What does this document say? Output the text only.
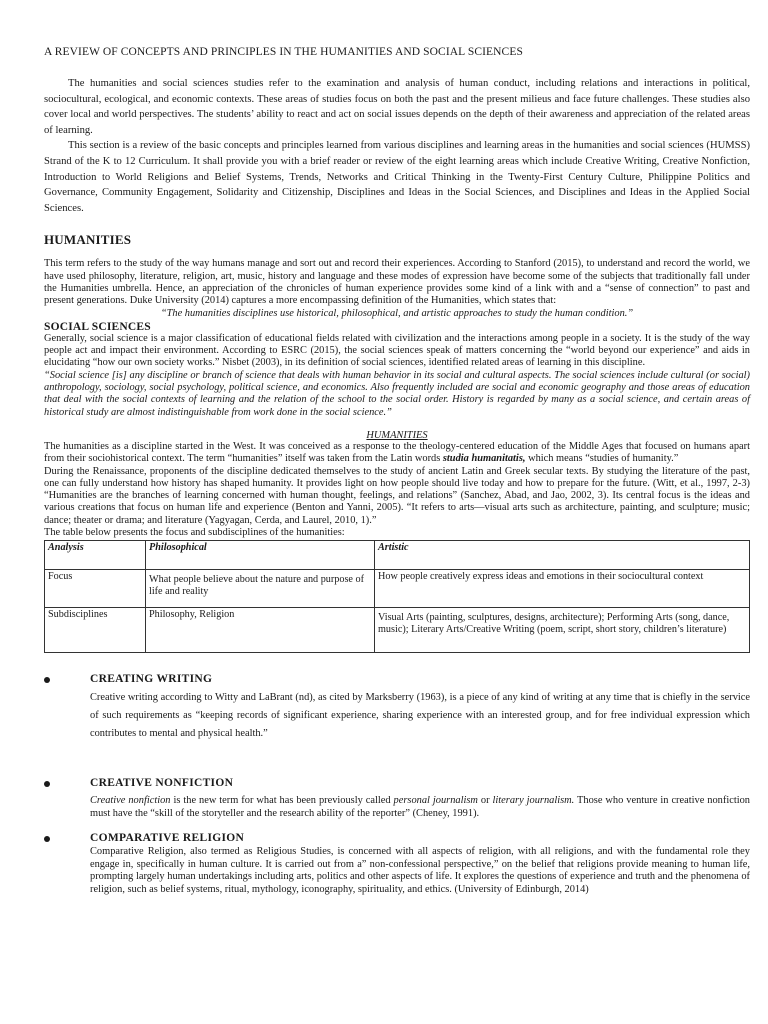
A REVIEW OF CONCEPTS AND PRINCIPLES IN THE HUMANITIES AND SOCIAL SCIENCES

The humanities and social sciences studies refer to the examination and analysis of human conduct, including relations and interactions in political, sociocultural, ecological, and economic contexts. These areas of studies focus on both the past and the present milieus and face future challenges. These studies also cover local and world perspectives. The students’ ability to react and act on social issues depends on the depth of their awareness and appreciation of the related areas of learning.

This section is a review of the basic concepts and principles learned from various disciplines and learning areas in the humanities and social sciences (HUMSS) Strand of the K to 12 Curriculum. It shall provide you with a brief reader or review of the eight learning areas which include Creative Writing, Creative Nonfiction, Introduction to World Religions and Belief Systems, Trends, Networks and Critical Thinking in the Twenty-First Century Culture, Philippine Politics and Governance, Community Engagement, Solidarity and Citizenship, Disciplines and Ideas in the Social Sciences, and Disciplines and Ideas in the Applied Social Sciences.

HUMANITIES

This term refers to the study of the way humans manage and sort out and record their experiences. According to Stanford (2015), to understand and record the world, we have used philosophy, literature, religion, art, music, history and language and these modes of expression have become some of the subjects that traditionally fall under the Humanities umbrella. Hence, an appreciation of the chronicles of human experience provides some kind of a link with and a “sense of connection” to past and present generations. Duke University (2014) captures a more encompassing definition of the Humanities, which states that:

“The humanities disciplines use historical, philosophical, and artistic approaches to study the human condition.”

SOCIAL SCIENCES

Generally, social science is a major classification of educational fields related with civilization and the interactions among people in a society. It is the study of the way people act and impact their environment. According to ESRC (2015), the social sciences speak of matters concerning the “world beyond our experience” and aids in elucidating “how our own society works.” Nisbet (2003), in its definition of social sciences, identified related areas of learning in this discipline.

“Social science [is] any discipline or branch of science that deals with human behavior in its social and cultural aspects. The social sciences include cultural (or social) anthropology, sociology, social psychology, political science, and economics. Also frequently included are social and economic geography and those areas of education that deal with the social contexts of learning and the relation of the school to the social order. History is regarded by many as a social science, and certain areas of historical study are almost indistinguishable from work done in the social science.”

HUMANITIES

The humanities as a discipline started in the West. It was conceived as a response to the theology-centered education of the Middle Ages that focused on humans apart from their sociohistorical context. The term “humanities” itself was taken from the Latin words studia humanitatis, which means “studies of humanity.”

During the Renaissance, proponents of the discipline dedicated themselves to the study of ancient Latin and Greek secular texts. By studying the literature of the past, one can fully understand how history has shaped humanity. It provides light on how people should live today and how to prepare for the future. (Witt, et al., 1997, 2-3) “Humanities are the branches of learning concerned with human thought, feelings, and relations” (Sanchez, Abad, and Jao, 2002, 3). Its central focus is the ideas and various creations that focus on human life and experience (Benton and Yanni, 2005). “It refers to arts—visual arts such as architecture, painting, and sculpture; music; dance; theater or drama; and literature (Yagyagan, Cerda, and Laurel, 2010, 1).”

The table below presents the focus and subdisciplines of the humanities:

Analysis	Philosophical	Artistic
Focus	What people believe about the nature and purpose of life and reality	How people creatively express ideas and emotions in their sociocultural context
Subdisciplines	Philosophy, Religion	Visual Arts (painting, sculptures, designs, architecture); Performing Arts (song, dance, music); Literary Arts/Creative Writing (poem, script, short story, children’s literature)
CREATING WRITING

Creative writing according to Witty and LaBrant (nd), as cited by Marksberry (1963), is a piece of any kind of writing at any time that is chiefly in the service of such requirements as “keeping records of significant experience, sharing experience with an interested group, and for free individual expression which contributes to mental and physical health.”

CREATIVE NONFICTION

Creative nonfiction is the new term for what has been previously called personal journalism or literary journalism. Those who venture in creative nonfiction must have the “skill of the storyteller and the research ability of the reporter” (Cheney, 1991).

COMPARATIVE RELIGION

Comparative Religion, also termed as Religious Studies, is concerned with all aspects of religion, with all religions, and with the fundamental role they engage in, specifically in human culture. It is carried out from a” non-confessional perspective,” on the belief that religions provide meaning to human life, prompting largely human undertakings including arts, politics and other aspects of life. It explores the questions of experience and truth and the phenomena of religion, such as belief systems, ritual, mythology, iconography, spirituality, and ethics. (University of Edinburgh, 2014)
